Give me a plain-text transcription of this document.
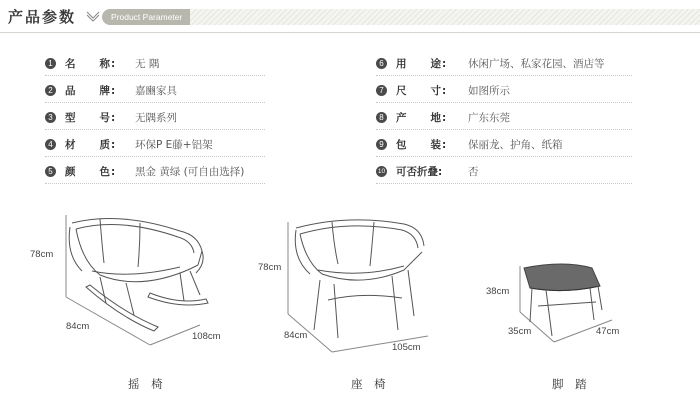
产品参数	Product Parameter
1	名　　称: 无 隅
2	品　　牌: 嘉豳家具
3	型　　号: 无隅系列
4	材　　质: 环保P E藤+铝架
5	颜　　色: 黑金 黄绿 (可自由选择)
6	用　　途: 休闲广场、私家花园、酒店等
7	尺　　寸: 如图所示
8	产　　地: 广东东莞
9	包　　装: 保丽龙、护角、纸箱
10 可否折叠: 否
78cm
84cm
108cm
78cm
84cm
105cm
38cm
35cm	47cm
摇 椅	座 椅	脚 踏
